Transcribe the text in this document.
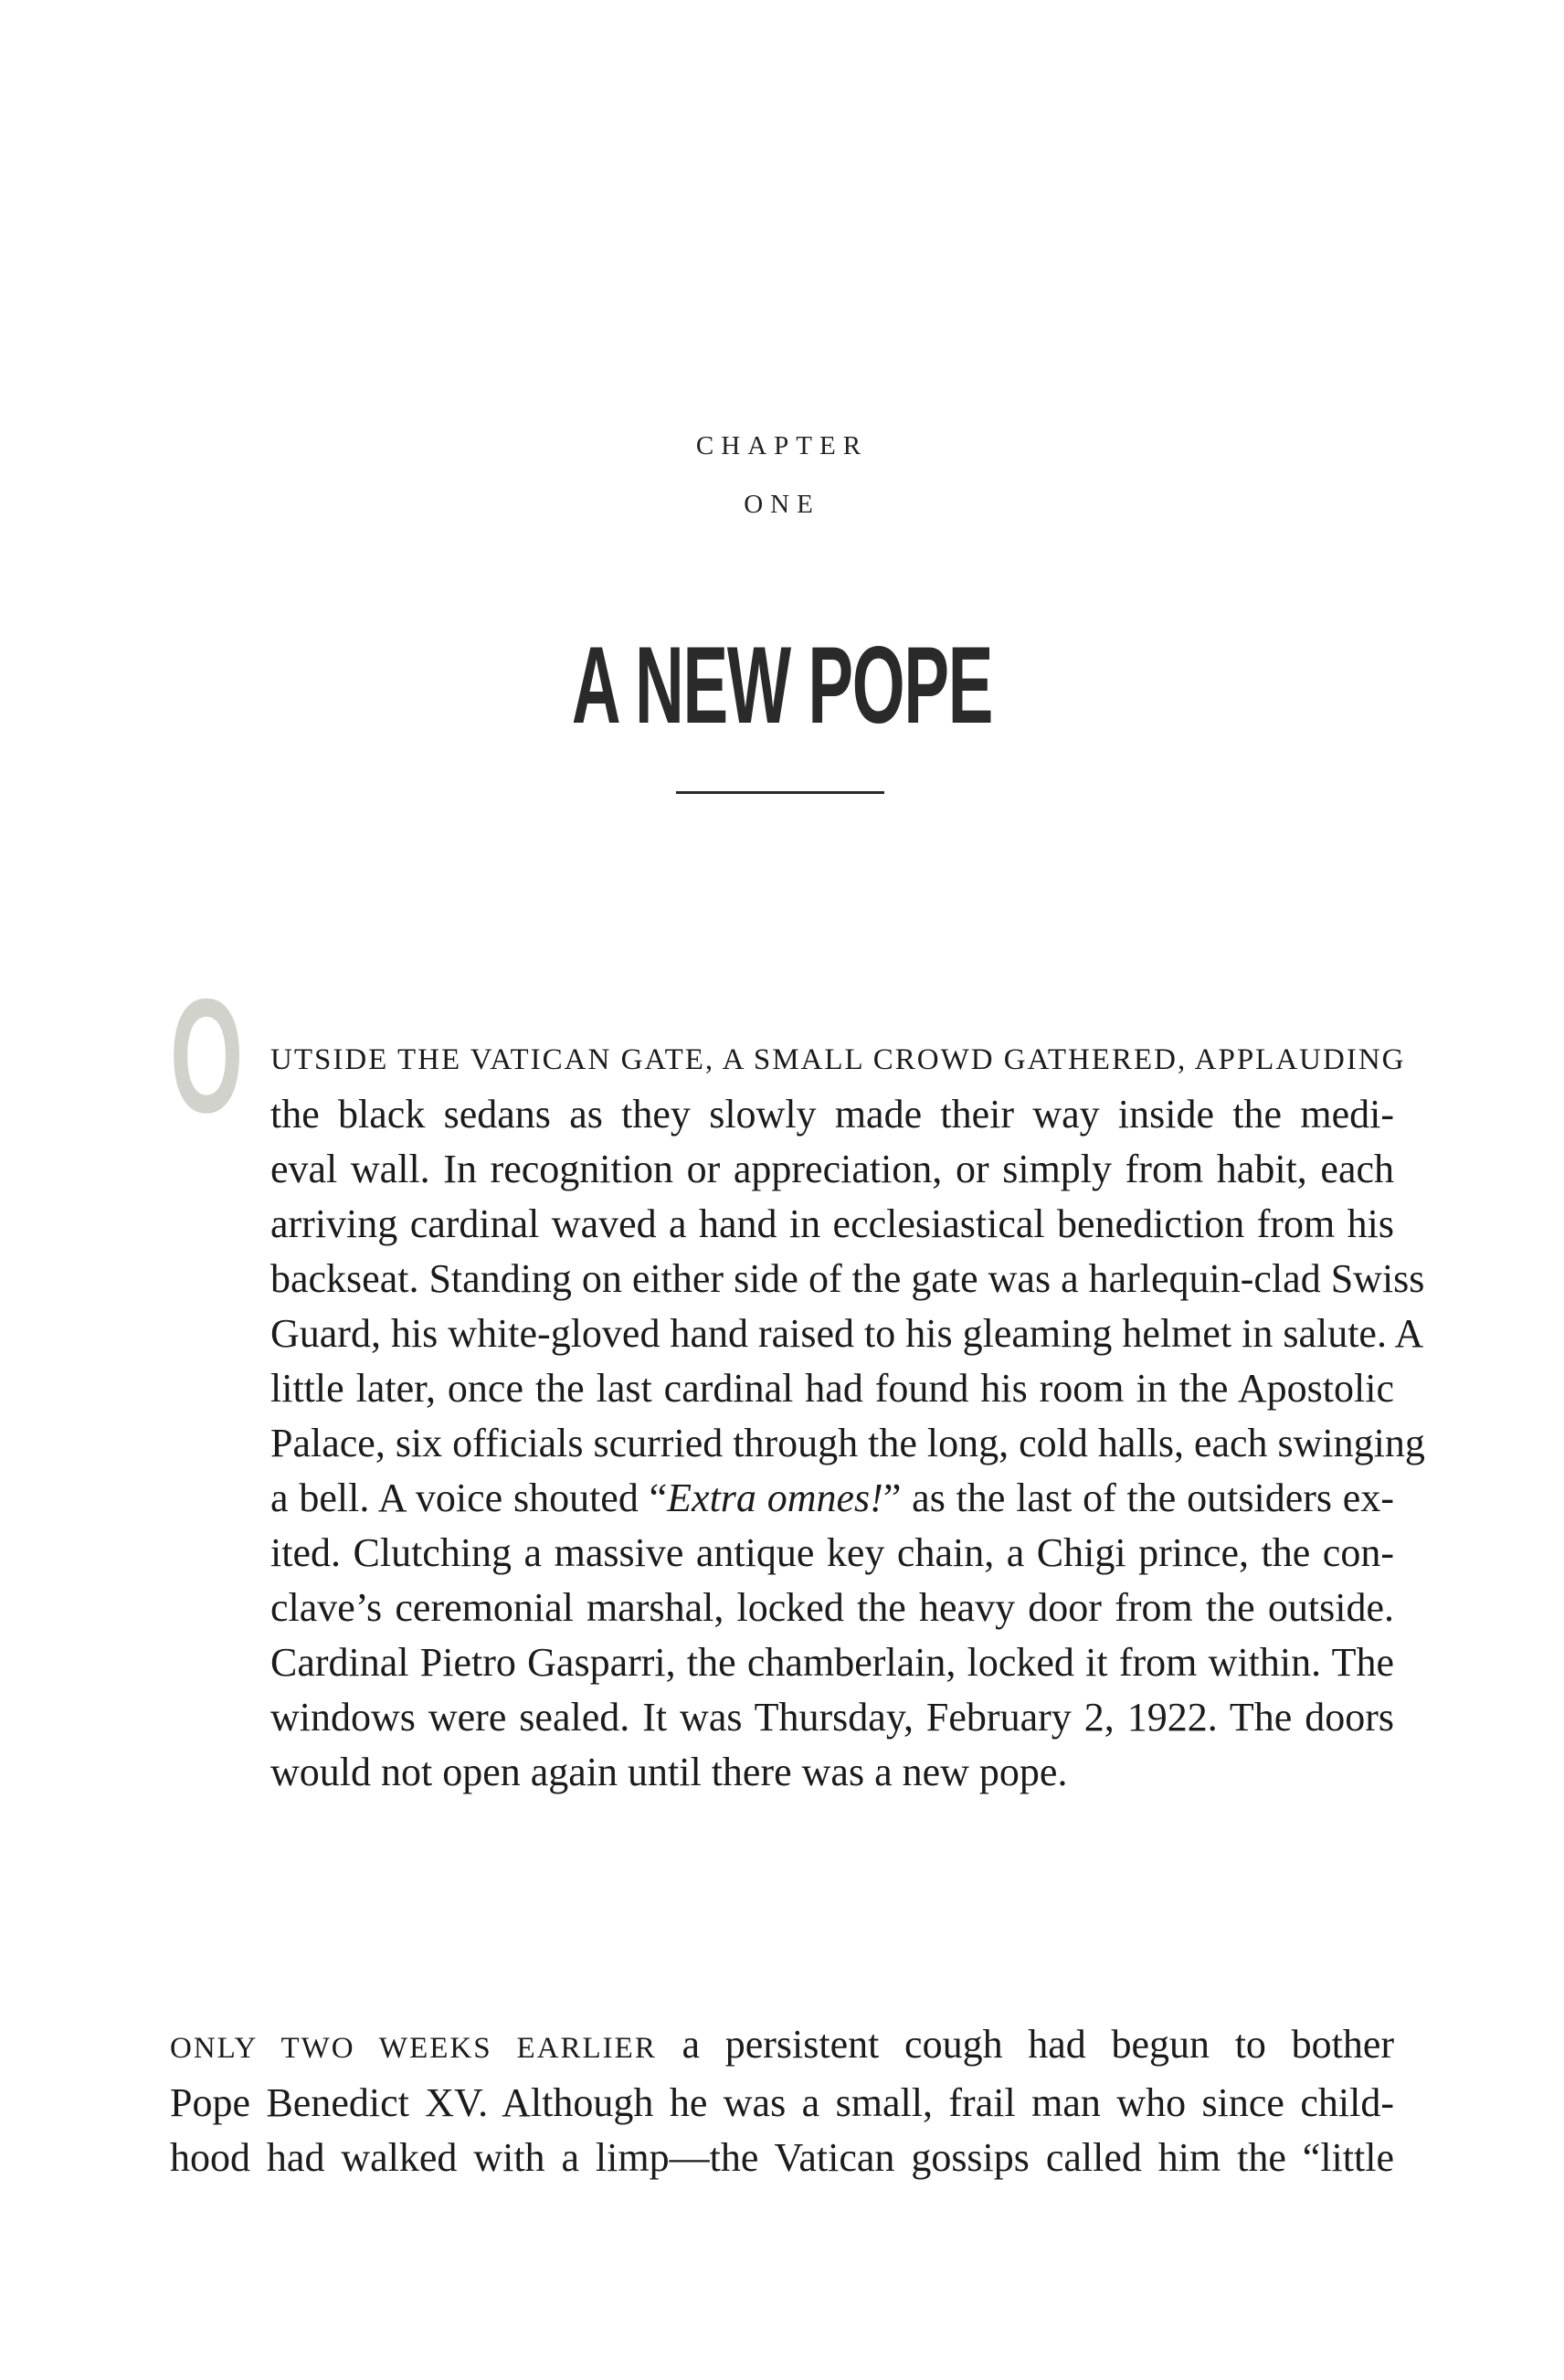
CHAPTER
ONE
A NEW POPE
O UTSIDE THE VATICAN GATE, A SMALL CROWD GATHERED, APPLAUDING
the black sedans as they slowly made their way inside the medi-
eval wall. In recognition or appreciation, or simply from habit, each
arriving cardinal waved a hand in ecclesiastical benediction from his
backseat. Standing on either side of the gate was a harlequin-clad Swiss
Guard, his white-gloved hand raised to his gleaming helmet in salute. A
little later, once the last cardinal had found his room in the Apostolic
Palace, six officials scurried through the long, cold halls, each swinging
a bell. A voice shouted “Extra omnes!” as the last of the outsiders ex-
ited. Clutching a massive antique key chain, a Chigi prince, the con-
clave’s ceremonial marshal, locked the heavy door from the outside.
Cardinal Pietro Gasparri, the chamberlain, locked it from within. The
windows were sealed. It was Thursday, February 2, 1922. The doors
would not open again until there was a new pope.
ONLY TWO WEEKS EARLIER a persistent cough had begun to bother
Pope Benedict XV. Although he was a small, frail man who since child-
hood had walked with a limp—the Vatican gossips called him the “little
